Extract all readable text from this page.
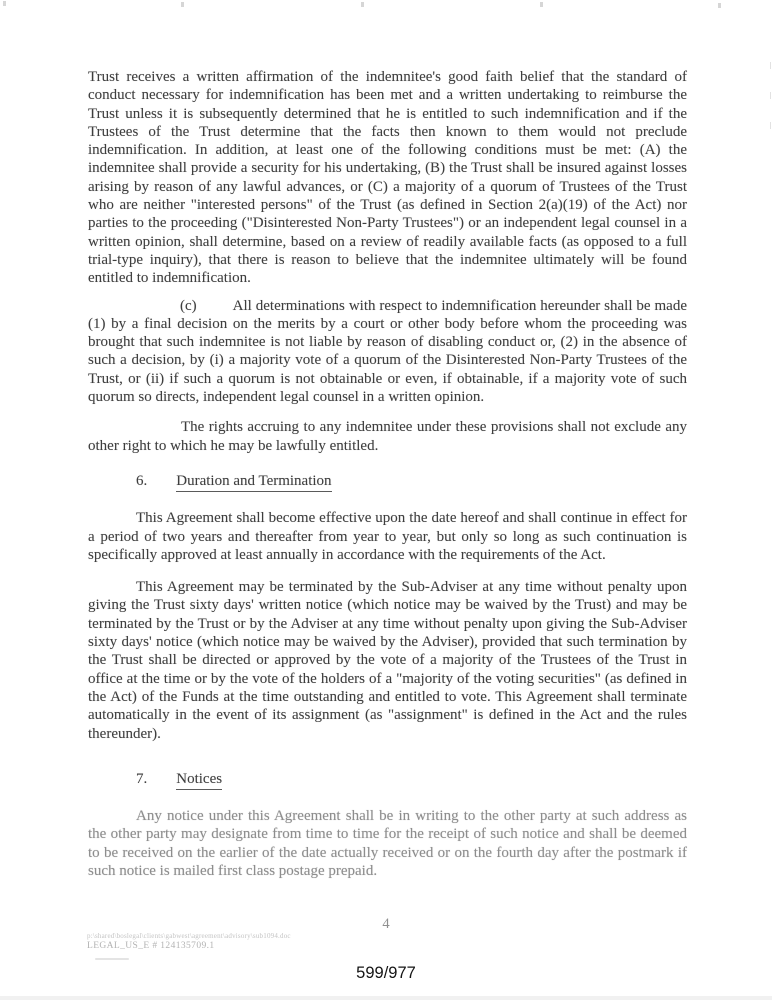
Trust receives a written affirmation of the indemnitee's good faith belief that the standard of conduct necessary for indemnification has been met and a written undertaking to reimburse the Trust unless it is subsequently determined that he is entitled to such indemnification and if the Trustees of the Trust determine that the facts then known to them would not preclude indemnification. In addition, at least one of the following conditions must be met: (A) the indemnitee shall provide a security for his undertaking, (B) the Trust shall be insured against losses arising by reason of any lawful advances, or (C) a majority of a quorum of Trustees of the Trust who are neither "interested persons" of the Trust (as defined in Section 2(a)(19) of the Act) nor parties to the proceeding ("Disinterested Non-Party Trustees") or an independent legal counsel in a written opinion, shall determine, based on a review of readily available facts (as opposed to a full trial-type inquiry), that there is reason to believe that the indemnitee ultimately will be found entitled to indemnification.

(c) All determinations with respect to indemnification hereunder shall be made (1) by a final decision on the merits by a court or other body before whom the proceeding was brought that such indemnitee is not liable by reason of disabling conduct or, (2) in the absence of such a decision, by (i) a majority vote of a quorum of the Disinterested Non-Party Trustees of the Trust, or (ii) if such a quorum is not obtainable or even, if obtainable, if a majority vote of such quorum so directs, independent legal counsel in a written opinion.

The rights accruing to any indemnitee under these provisions shall not exclude any other right to which he may be lawfully entitled.

6. Duration and Termination

This Agreement shall become effective upon the date hereof and shall continue in effect for a period of two years and thereafter from year to year, but only so long as such continuation is specifically approved at least annually in accordance with the requirements of the Act.

This Agreement may be terminated by the Sub-Adviser at any time without penalty upon giving the Trust sixty days' written notice (which notice may be waived by the Trust) and may be terminated by the Trust or by the Adviser at any time without penalty upon giving the Sub-Adviser sixty days' notice (which notice may be waived by the Adviser), provided that such termination by the Trust shall be directed or approved by the vote of a majority of the Trustees of the Trust in office at the time or by the vote of the holders of a "majority of the voting securities" (as defined in the Act) of the Funds at the time outstanding and entitled to vote. This Agreement shall terminate automatically in the event of its assignment (as "assignment" is defined in the Act and the rules thereunder).

7. Notices

Any notice under this Agreement shall be in writing to the other party at such address as the other party may designate from time to time for the receipt of such notice and shall be deemed to be received on the earlier of the date actually received or on the fourth day after the postmark if such notice is mailed first class postage prepaid.

4
p:\shared\boslegal\clients\gabwest\agreement\advisory\sub1094.doc
LEGAL_US_E # 124135709.1
599/977
